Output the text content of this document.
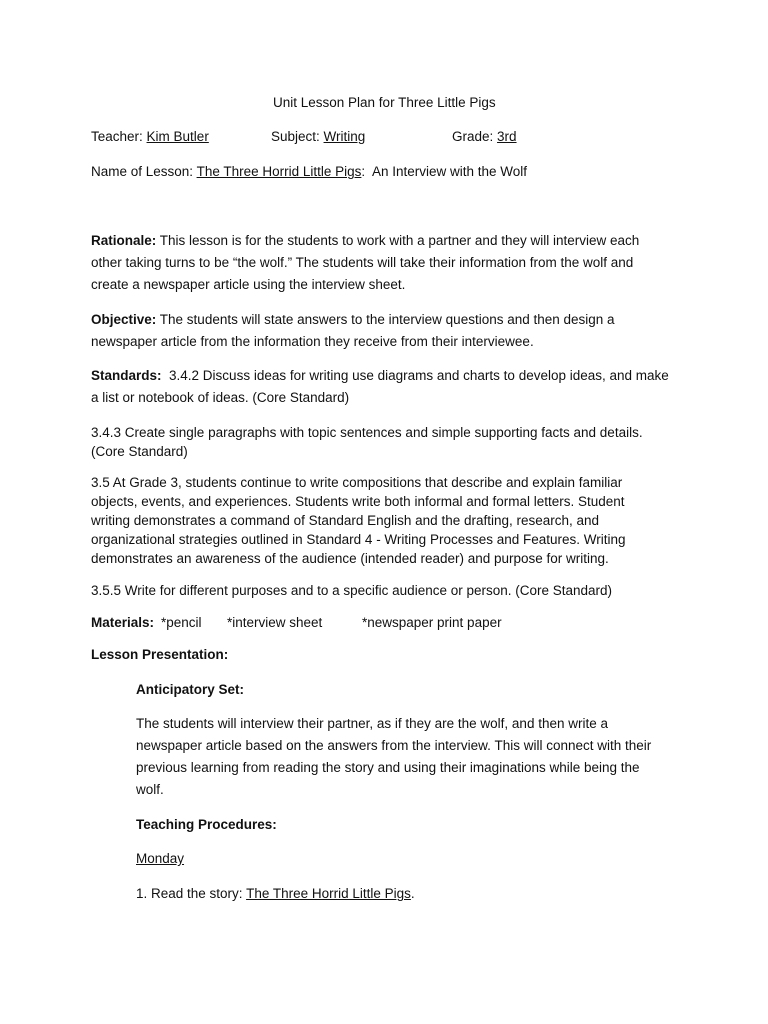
Unit Lesson Plan for Three Little Pigs
Teacher: Kim Butler	Subject: Writing	Grade: 3rd
Name of Lesson: The Three Horrid Little Pigs: An Interview with the Wolf
Rationale: This lesson is for the students to work with a partner and they will interview each
other taking turns to be “the wolf.” The students will take their information from the wolf and
create a newspaper article using the interview sheet.
Objective: The students will state answers to the interview questions and then design a
newspaper article from the information they receive from their interviewee.
Standards: 3.4.2 Discuss ideas for writing use diagrams and charts to develop ideas, and make
a list or notebook of ideas. (Core Standard)
3.4.3 Create single paragraphs with topic sentences and simple supporting facts and details.
(Core Standard)
3.5 At Grade 3, students continue to write compositions that describe and explain familiar
objects, events, and experiences. Students write both informal and formal letters. Student
writing demonstrates a command of Standard English and the drafting, research, and
organizational strategies outlined in Standard 4 - Writing Processes and Features. Writing
demonstrates an awareness of the audience (intended reader) and purpose for writing.
3.5.5 Write for different purposes and to a specific audience or person. (Core Standard)
Materials: *pencil *interview sheet	*newspaper print paper
Lesson Presentation:
Anticipatory Set:
The students will interview their partner, as if they are the wolf, and then write a
newspaper article based on the answers from the interview. This will connect with their
previous learning from reading the story and using their imaginations while being the
wolf.
Teaching Procedures:
Monday
1. Read the story: The Three Horrid Little Pigs.
